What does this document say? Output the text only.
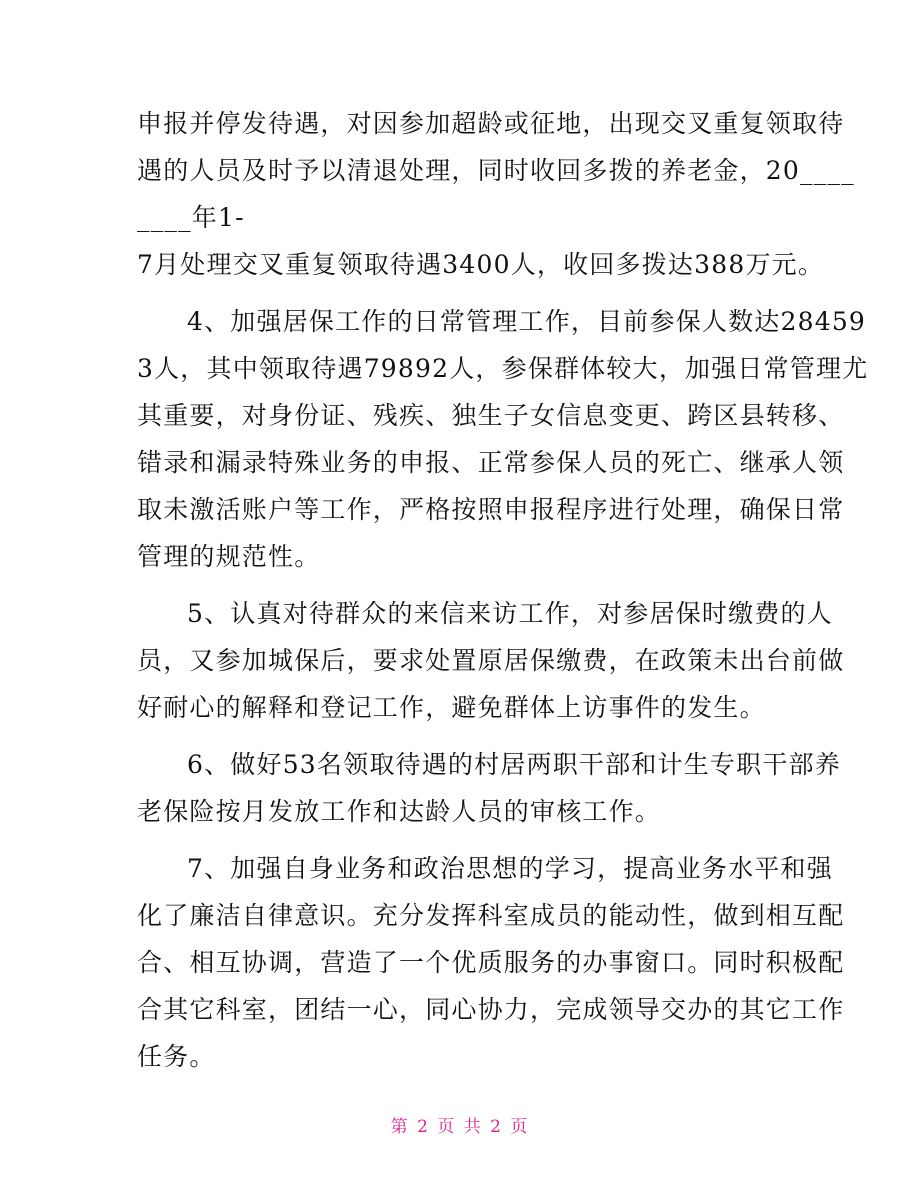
申报并停发待遇，对因参加超龄或征地，出现交叉重复领取待
遇的人员及时予以清退处理，同时收回多拨的养老金，20____
____年1-
7月处理交叉重复领取待遇3400人，收回多拨达388万元。
4、加强居保工作的日常管理工作，目前参保人数达28459
3人，其中领取待遇79892人，参保群体较大，加强日常管理尤
其重要，对身份证、残疾、独生子女信息变更、跨区县转移、
错录和漏录特殊业务的申报、正常参保人员的死亡、继承人领
取未激活账户等工作，严格按照申报程序进行处理，确保日常
管理的规范性。
5、认真对待群众的来信来访工作，对参居保时缴费的人
员，又参加城保后，要求处置原居保缴费，在政策未出台前做
好耐心的解释和登记工作，避免群体上访事件的发生。
6、做好53名领取待遇的村居两职干部和计生专职干部养
老保险按月发放工作和达龄人员的审核工作。
7、加强自身业务和政治思想的学习，提高业务水平和强
化了廉洁自律意识。充分发挥科室成员的能动性，做到相互配
合、相互协调，营造了一个优质服务的办事窗口。同时积极配
合其它科室，团结一心，同心协力，完成领导交办的其它工作
任务。
第 2 页 共 2 页
